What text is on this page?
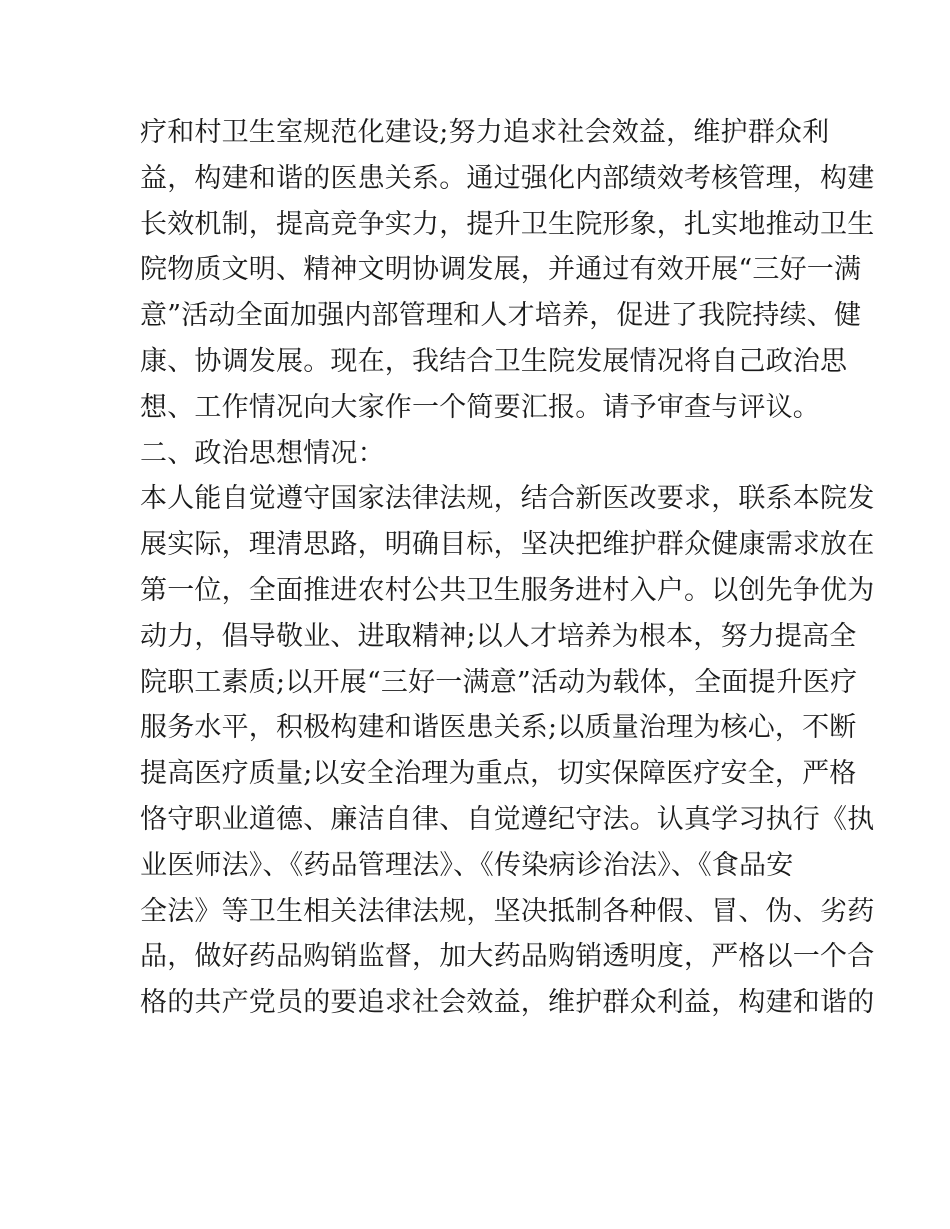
疗和村卫生室规范化建设;努力追求社会效益，维护群众利
益，构建和谐的医患关系。通过强化内部绩效考核管理，构建
长效机制，提高竞争实力，提升卫生院形象，扎实地推动卫生
院物质文明、精神文明协调发展，并通过有效开展“三好一满
意”活动全面加强内部管理和人才培养，促进了我院持续、健
康、协调发展。现在，我结合卫生院发展情况将自己政治思
想、工作情况向大家作一个简要汇报。请予审查与评议。
二、政治思想情况：
本人能自觉遵守国家法律法规，结合新医改要求，联系本院发
展实际，理清思路，明确目标，坚决把维护群众健康需求放在
第一位，全面推进农村公共卫生服务进村入户。以创先争优为
动力，倡导敬业、进取精神;以人才培养为根本，努力提高全
院职工素质;以开展“三好一满意”活动为载体，全面提升医疗
服务水平，积极构建和谐医患关系;以质量治理为核心，不断
提高医疗质量;以安全治理为重点，切实保障医疗安全，严格
恪守职业道德、廉洁自律、自觉遵纪守法。认真学习执行《执
业医师法》、《药品管理法》、《传染病诊治法》、《食品安
全法》等卫生相关法律法规，坚决抵制各种假、冒、伪、劣药
品，做好药品购销监督，加大药品购销透明度，严格以一个合
格的共产党员的要追求社会效益，维护群众利益，构建和谐的
